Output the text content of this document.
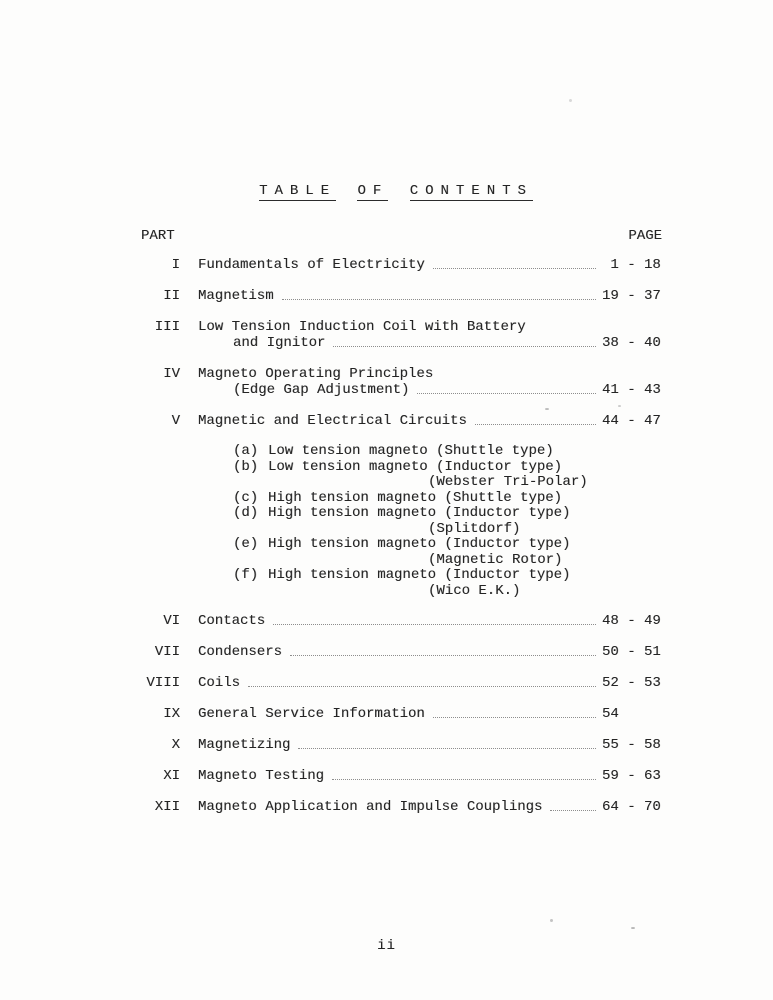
TABLE OF CONTENTS
PART	PAGE
I Fundamentals of Electricity	1 - 18
II Magnetism	19 - 37
III Low Tension Induction Coil with Battery
and Ignitor	38 - 40
IV Magneto Operating Principles
(Edge Gap Adjustment)	41 - 43
V Magnetic and Electrical Circuits	44 - 47
(a) Low tension magneto (Shuttle type)
(b) Low tension magneto (Inductor type)
(Webster Tri-Polar)
(c) High tension magneto (Shuttle type)
(d) High tension magneto (Inductor type)
(Splitdorf)
(e) High tension magneto (Inductor type)
(Magnetic Rotor)
(f) High tension magneto (Inductor type)
(Wico E.K.)
VI Contacts	48 - 49
VII Condensers	50 - 51
VIII Coils	52 - 53
IX General Service Information	54
X Magnetizing	55 - 58
XI Magneto Testing	59 - 63
XII Magneto Application and Impulse Couplings	64 - 70
ii
